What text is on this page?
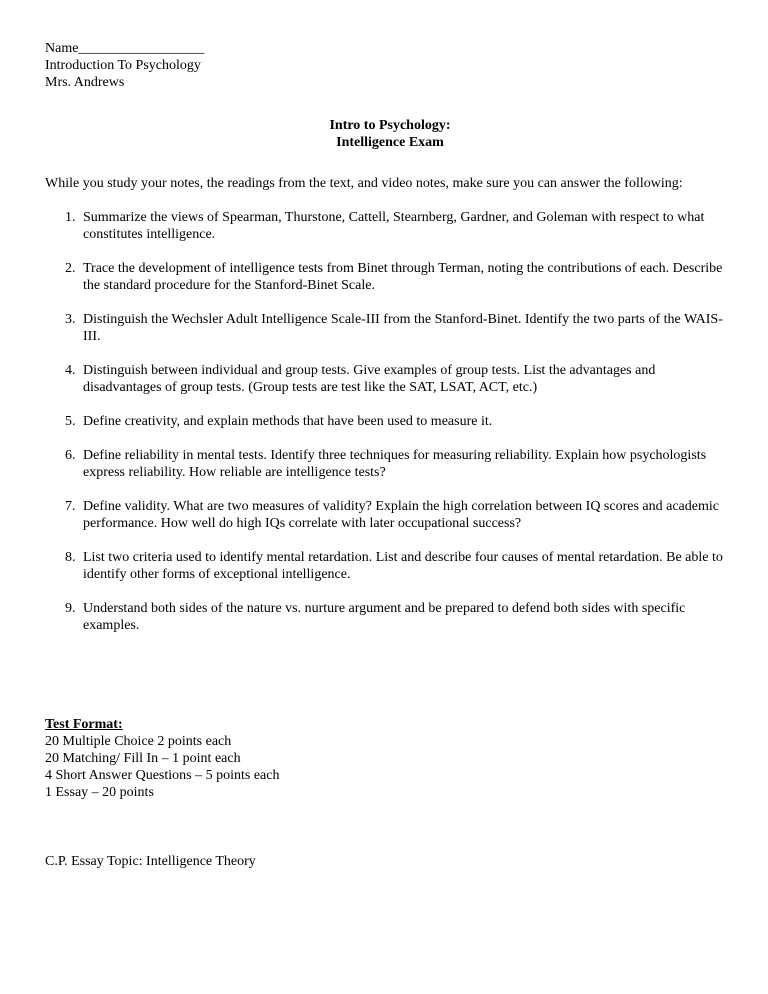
Name__________________
Introduction To Psychology
Mrs. Andrews
Intro to Psychology:
Intelligence Exam
While you study your notes, the readings from the text, and video notes, make sure you can answer the following:
1. Summarize the views of Spearman, Thurstone, Cattell, Stearnberg, Gardner, and Goleman with respect to what constitutes intelligence.
2. Trace the development of intelligence tests from Binet through Terman, noting the contributions of each. Describe the standard procedure for the Stanford-Binet Scale.
3. Distinguish the Wechsler Adult Intelligence Scale-III from the Stanford-Binet. Identify the two parts of the WAIS-III.
4. Distinguish between individual and group tests. Give examples of group tests. List the advantages and disadvantages of group tests. (Group tests are test like the SAT, LSAT, ACT, etc.)
5. Define creativity, and explain methods that have been used to measure it.
6. Define reliability in mental tests. Identify three techniques for measuring reliability. Explain how psychologists express reliability. How reliable are intelligence tests?
7. Define validity. What are two measures of validity? Explain the high correlation between IQ scores and academic performance. How well do high IQs correlate with later occupational success?
8. List two criteria used to identify mental retardation. List and describe four causes of mental retardation. Be able to identify other forms of exceptional intelligence.
9. Understand both sides of the nature vs. nurture argument and be prepared to defend both sides with specific examples.
Test Format:
20 Multiple Choice 2 points each
20 Matching/ Fill In – 1 point each
4 Short Answer Questions – 5 points each
1 Essay – 20 points
C.P. Essay Topic: Intelligence Theory
